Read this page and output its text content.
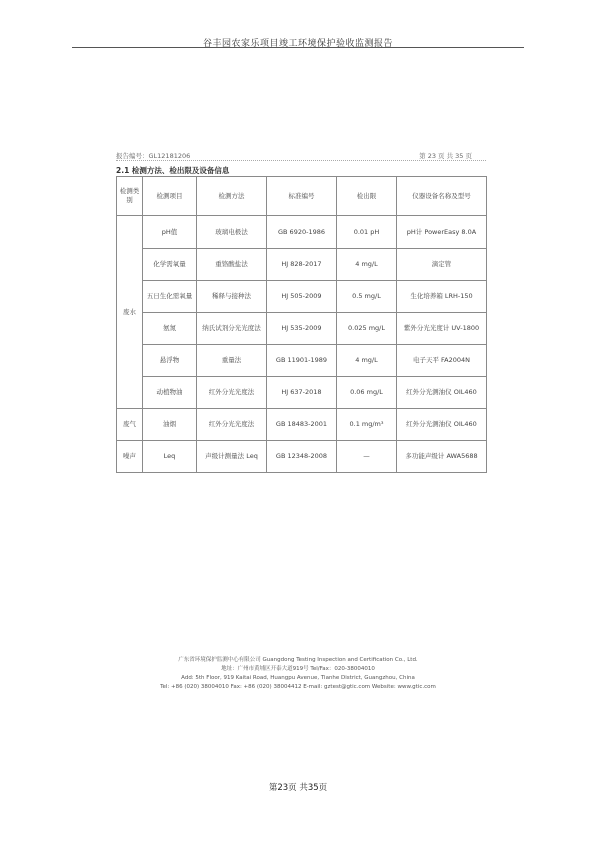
谷丰园农家乐项目竣工环境保护验收监测报告
报告编号：GL12181206	第 23 页 共 35 页
2.1 检测方法、检出限及设备信息
检测类别	检测项目	检测方法	标准编号	检出限	仪器设备名称及型号
废水	pH值	玻璃电极法	GB 6920-1986	0.01 pH	pH计 PowerEasy 8.0A
	化学需氧量	重铬酸盐法	HJ 828-2017	4 mg/L	滴定管
	五日生化需氧量	稀释与接种法	HJ 505-2009	0.5 mg/L	生化培养箱 LRH-150
	氨氮	纳氏试剂分光光度法	HJ 535-2009	0.025 mg/L	紫外分光光度计 UV-1800
	悬浮物	重量法	GB 11901-1989	4 mg/L	电子天平 FA2004N
	动植物油	红外分光光度法	HJ 637-2018	0.06 mg/L	红外分光测油仪 OIL460
废气	油烟	红外分光光度法	GB 18483-2001	0.1 mg/m³	红外分光测油仪 OIL460
噪声	Leq	声级计测量法 Leq	GB 12348-2008	—	多功能声级计 AWA5688
广东省环境保护监测中心有限公司 Guangdong Testing Inspection and Certification Co., Ltd.
地址：广州市黄埔区开泰大道919号 Tel/Fax：020-38004010
Add: 5th Floor, 919 Kaitai Road, Huangpu Avenue, Tianhe District, Guangzhou, China
Tel: +86 (020) 38004010 Fax: +86 (020) 38004412 E-mail: gztest@gtic.com Website: www.gtic.com
第23页 共35页
